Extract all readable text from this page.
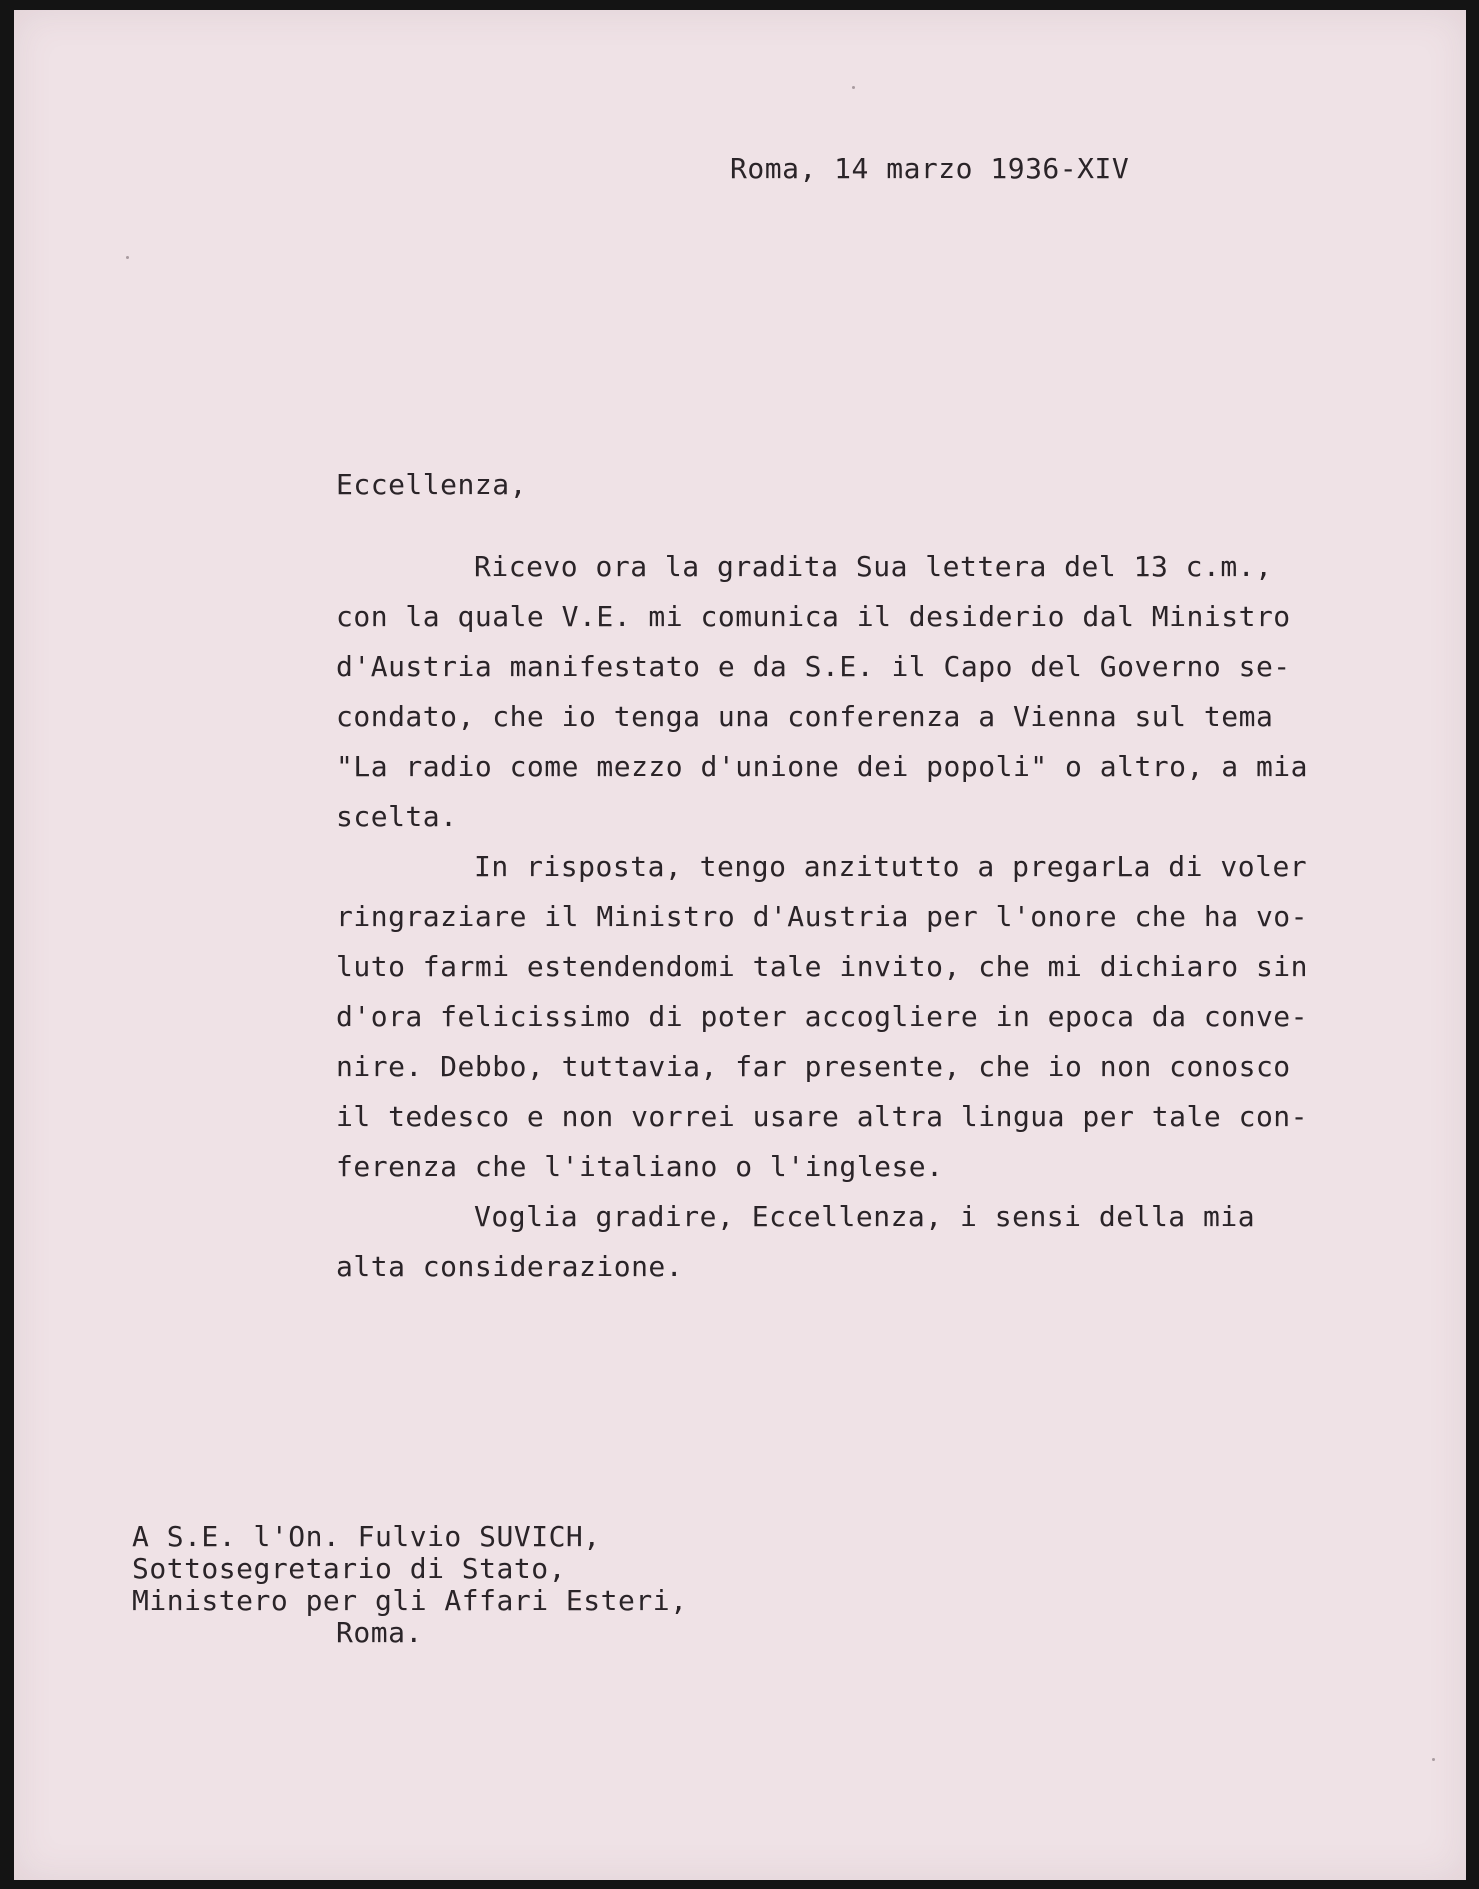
Roma, 14 marzo 1936-XIV
Eccellenza,
Ricevo ora la gradita Sua lettera del 13 c.m.,
con la quale V.E. mi comunica il desiderio dal Ministro
d'Austria manifestato e da S.E. il Capo del Governo se-
condato, che io tenga una conferenza a Vienna sul tema
"La radio come mezzo d'unione dei popoli" o altro, a mia
scelta.
In risposta, tengo anzitutto a pregarLa di voler
ringraziare il Ministro d'Austria per l'onore che ha vo-
luto farmi estendendomi tale invito, che mi dichiaro sin
d'ora felicissimo di poter accogliere in epoca da conve-
nire. Debbo, tuttavia, far presente, che io non conosco
il tedesco e non vorrei usare altra lingua per tale con-
ferenza che l'italiano o l'inglese.
Voglia gradire, Eccellenza, i sensi della mia
alta considerazione.
A S.E. l'On. Fulvio SUVICH,
Sottosegretario di Stato,
Ministero per gli Affari Esteri,
Roma.
